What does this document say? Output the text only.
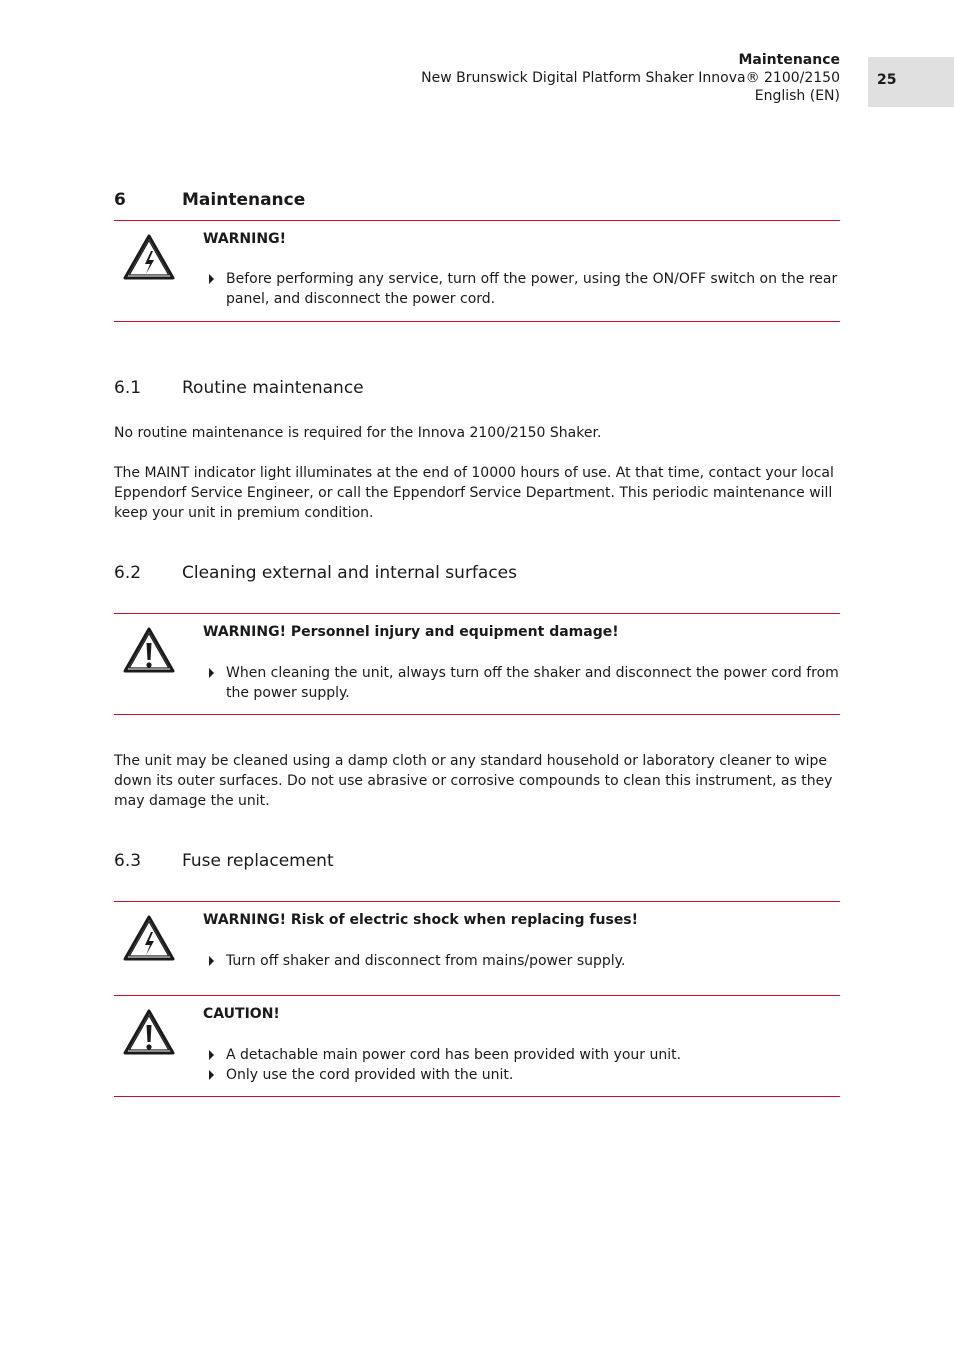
Maintenance
New Brunswick Digital Platform Shaker Innova® 2100/2150
English (EN)
25
6	Maintenance
WARNING!
Before performing any service, turn off the power, using the ON/OFF switch on the rear panel, and disconnect the power cord.
6.1 Routine maintenance
No routine maintenance is required for the Innova 2100/2150 Shaker.
The MAINT indicator light illuminates at the end of 10000 hours of use. At that time, contact your local Eppendorf Service Engineer, or call the Eppendorf Service Department. This periodic maintenance will keep your unit in premium condition.
6.2 Cleaning external and internal surfaces
WARNING! Personnel injury and equipment damage!
When cleaning the unit, always turn off the shaker and disconnect the power cord from the power supply.
The unit may be cleaned using a damp cloth or any standard household or laboratory cleaner to wipe down its outer surfaces. Do not use abrasive or corrosive compounds to clean this instrument, as they may damage the unit.
6.3 Fuse replacement
WARNING! Risk of electric shock when replacing fuses!
Turn off shaker and disconnect from mains/power supply.
CAUTION!
A detachable main power cord has been provided with your unit.
Only use the cord provided with the unit.
